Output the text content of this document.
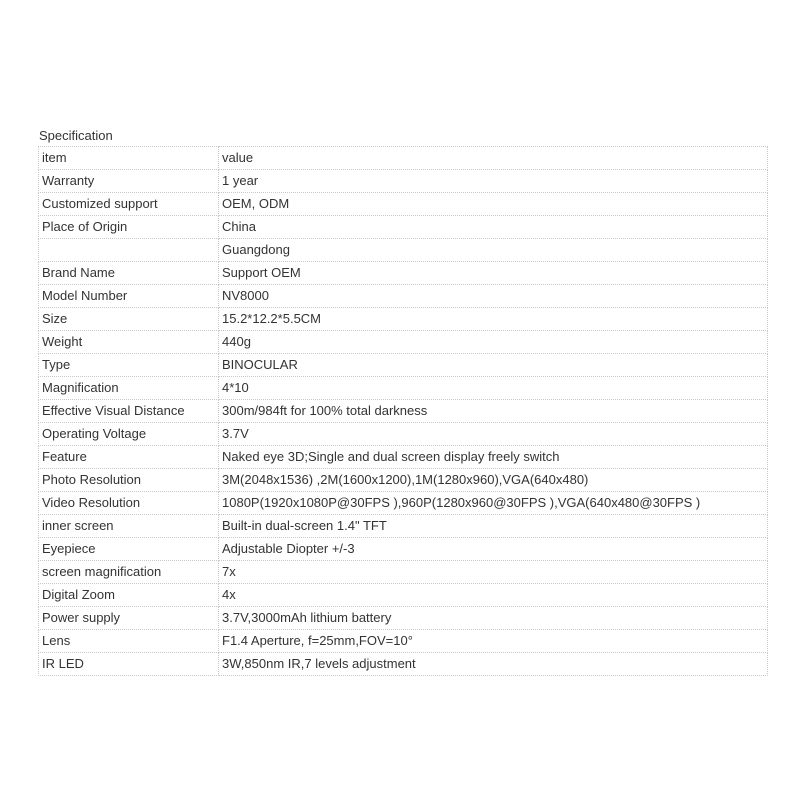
Specification
item	value
Warranty	1 year
Customized support	OEM, ODM
Place of Origin	China
	Guangdong
Brand Name	Support OEM
Model Number	NV8000
Size	15.2*12.2*5.5CM
Weight	440g
Type	BINOCULAR
Magnification	4*10
Effective Visual Distance	300m/984ft for 100% total darkness
Operating Voltage	3.7V
Feature	Naked eye 3D;Single and dual screen display freely switch
Photo Resolution	3M(2048x1536) ,2M(1600x1200),1M(1280x960),VGA(640x480)
Video Resolution	1080P(1920x1080P@30FPS ),960P(1280x960@30FPS ),VGA(640x480@30FPS )
inner screen	Built-in dual-screen 1.4" TFT
Eyepiece	Adjustable Diopter +/-3
screen magnification	7x
Digital Zoom	4x
Power supply	3.7V,3000mAh lithium battery
Lens	F1.4 Aperture, f=25mm,FOV=10°
IR LED	3W,850nm IR,7 levels adjustment
